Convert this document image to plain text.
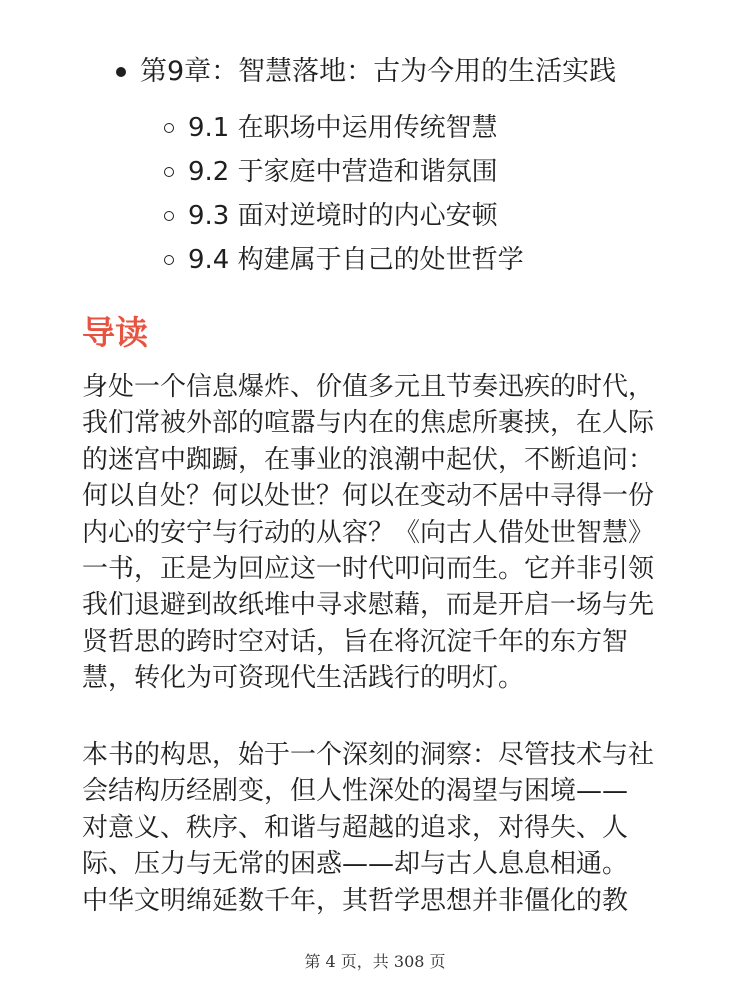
第9章：智慧落地：古为今用的生活实践
9.1 在职场中运用传统智慧
9.2 于家庭中营造和谐氛围
9.3 面对逆境时的内心安顿
9.4 构建属于自己的处世哲学
导读

身处一个信息爆炸、价值多元且节奏迅疾的时代，
我们常被外部的喧嚣与内在的焦虑所裹挟，在人际
的迷宫中踟蹰，在事业的浪潮中起伏，不断追问：
何以自处？何以处世？何以在变动不居中寻得一份
内心的安宁与行动的从容？《向古人借处世智慧》
一书，正是为回应这一时代叩问而生。它并非引领
我们退避到故纸堆中寻求慰藉，而是开启一场与先
贤哲思的跨时空对话，旨在将沉淀千年的东方智
慧，转化为可资现代生活践行的明灯。

本书的构思，始于一个深刻的洞察：尽管技术与社
会结构历经剧变，但人性深处的渴望与困境——
对意义、秩序、和谐与超越的追求，对得失、人
际、压力与无常的困惑——却与古人息息相通。
中华文明绵延数千年，其哲学思想并非僵化的教

第 4 页，共 308 页
